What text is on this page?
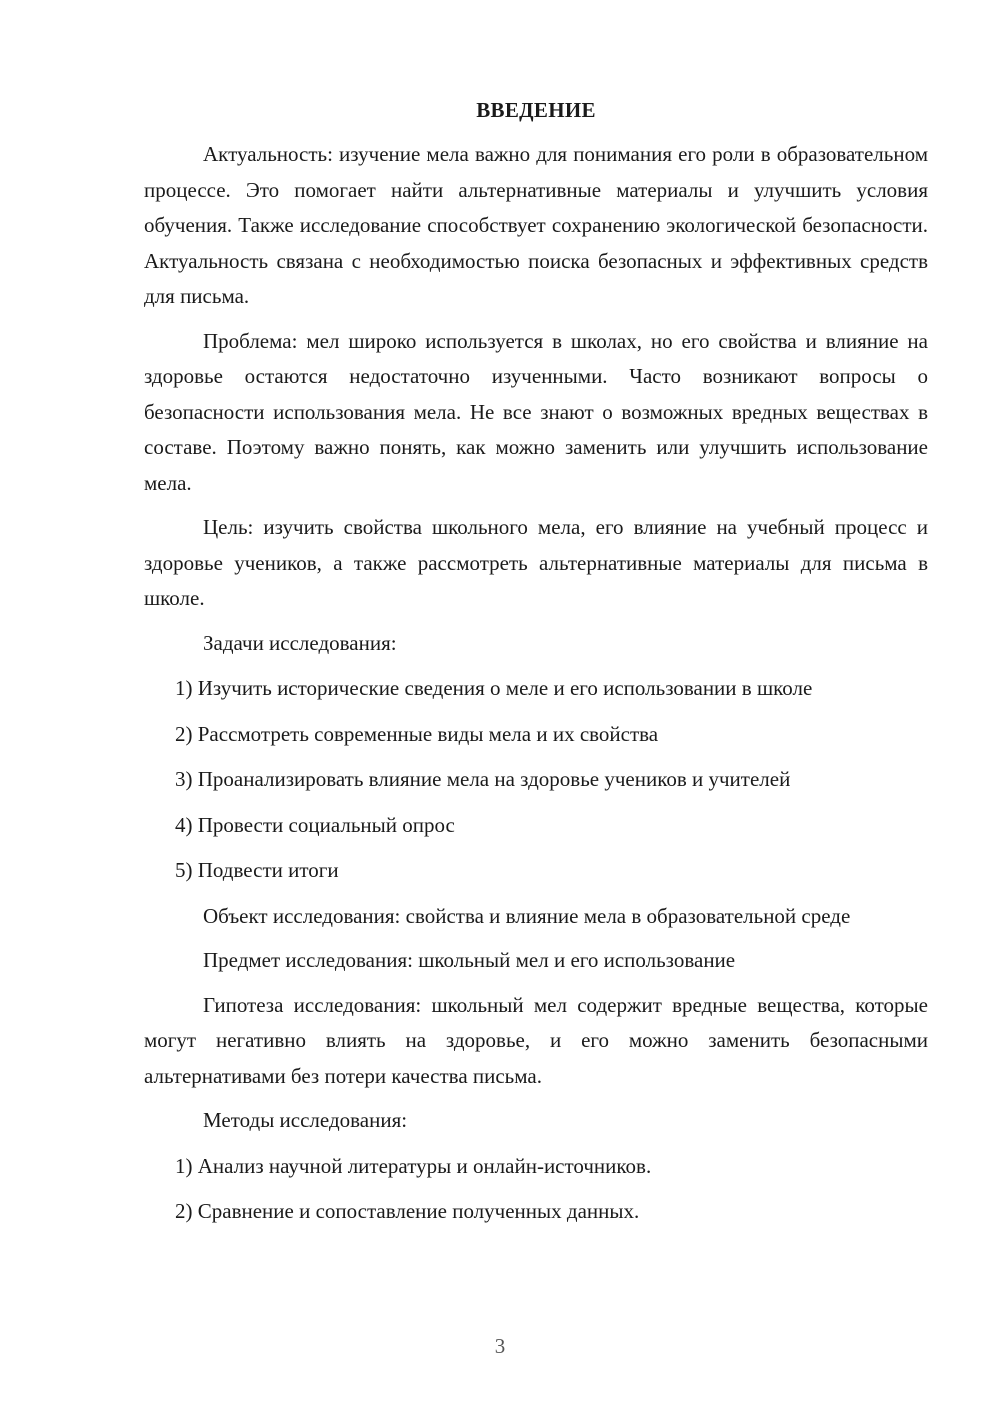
ВВЕДЕНИЕ

Актуальность: изучение мела важно для понимания его роли в образовательном процессе. Это помогает найти альтернативные материалы и улучшить условия обучения. Также исследование способствует сохранению экологической безопасности. Актуальность связана с необходимостью поиска безопасных и эффективных средств для письма.

Проблема: мел широко используется в школах, но его свойства и влияние на здоровье остаются недостаточно изученными. Часто возникают вопросы о безопасности использования мела. Не все знают о возможных вредных веществах в составе. Поэтому важно понять, как можно заменить или улучшить использование мела.

Цель: изучить свойства школьного мела, его влияние на учебный процесс и здоровье учеников, а также рассмотреть альтернативные материалы для письма в школе.

Задачи исследования:
1) Изучить исторические сведения о меле и его использовании в школе
2) Рассмотреть современные виды мела и их свойства
3) Проанализировать влияние мела на здоровье учеников и учителей
4) Провести социальный опрос
5) Подвести итоги

Объект исследования: свойства и влияние мела в образовательной среде

Предмет исследования: школьный мел и его использование

Гипотеза исследования: школьный мел содержит вредные вещества, которые могут негативно влиять на здоровье, и его можно заменить безопасными альтернативами без потери качества письма.

Методы исследования:
1) Анализ научной литературы и онлайн-источников.
2) Сравнение и сопоставление полученных данных.
3
